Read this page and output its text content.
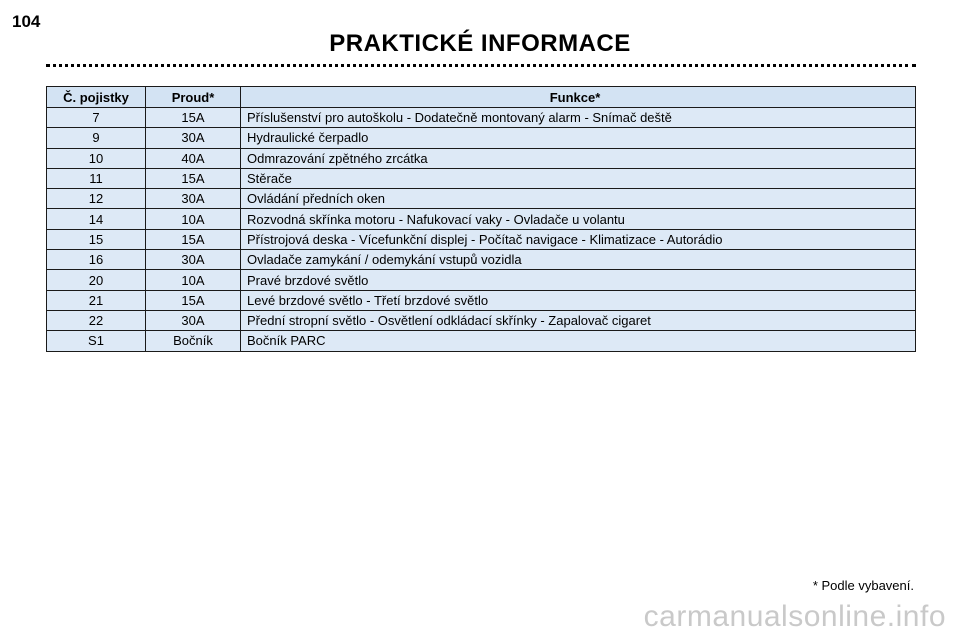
104
PRAKTICKÉ INFORMACE
Č. pojistky	Proud*	Funkce*
7	15A	Příslušenství pro autoškolu - Dodatečně montovaný alarm - Snímač deště
9	30A	Hydraulické čerpadlo
10	40A	Odmrazování zpětného zrcátka
11	15A	Stěrače
12	30A	Ovládání předních oken
14	10A	Rozvodná skřínka motoru - Nafukovací vaky - Ovladače u volantu
15	15A	Přístrojová deska - Vícefunkční displej - Počítač navigace - Klimatizace - Autorádio
16	30A	Ovladače zamykání / odemykání vstupů vozidla
20	10A	Pravé brzdové světlo
21	15A	Levé brzdové světlo - Třetí brzdové světlo
22	30A	Přední stropní světlo - Osvětlení odkládací skřínky - Zapalovač cigaret
S1	Bočník	Bočník PARC
* Podle vybavení.
carmanualsonline.info
